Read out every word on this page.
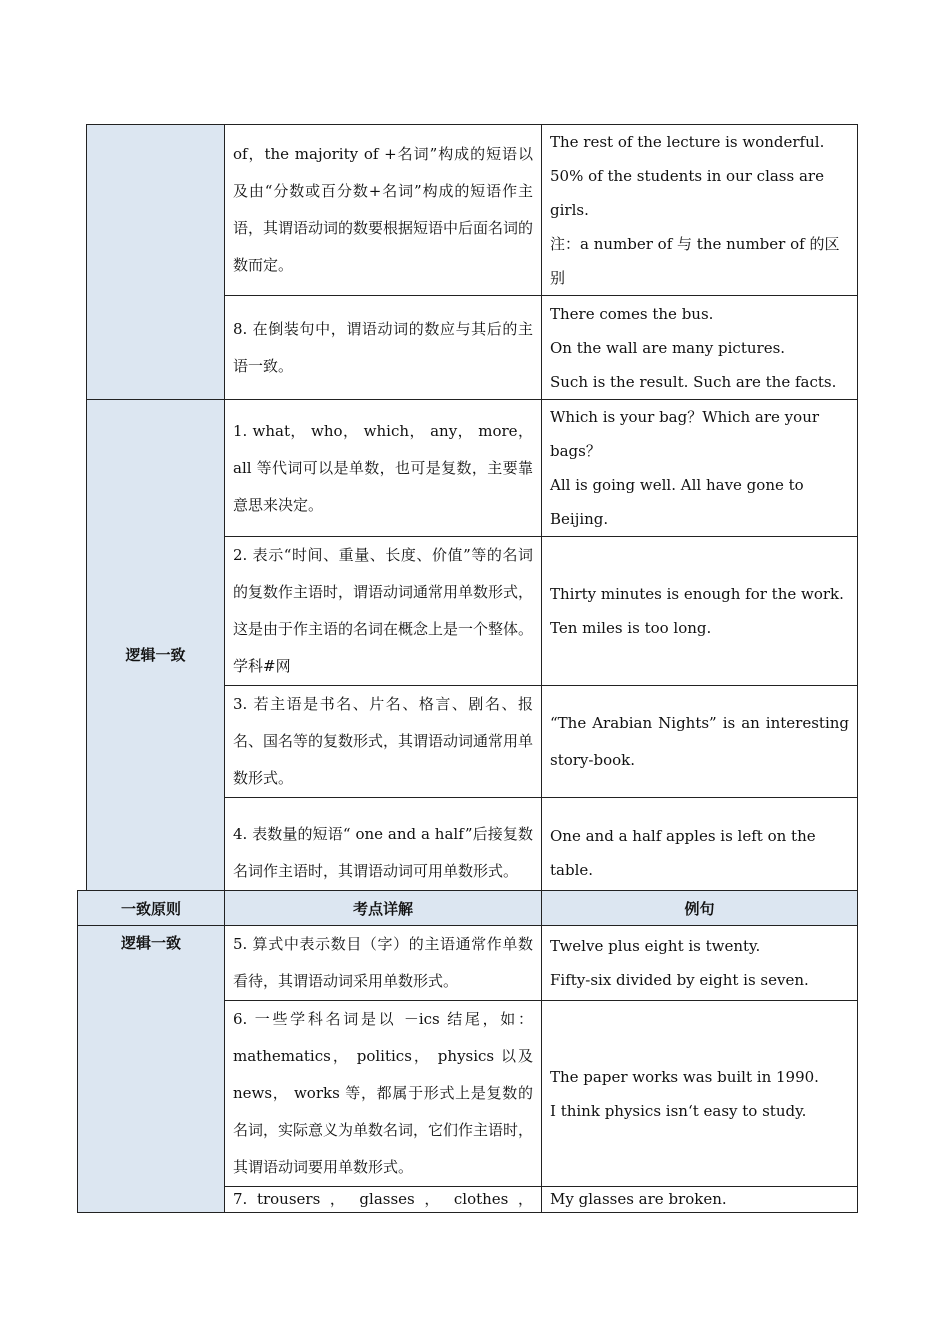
	of，the majority of +名词”构成的短语以及由“分数或百分数+名词”构成的短语作主语，其谓语动词的数要根据短语中后面名词的数而定。	The rest of the lecture is wonderful.
50% of the students in our class are girls.
注：a number of 与 the number of 的区别

	8. 在倒装句中，谓语动词的数应与其后的主语一致。	There comes the bus.
On the wall are many pictures.
Such is the result. Such are the facts.

逻辑一致	1. what， who， which， any， more， all 等代词可以是单数，也可是复数，主要靠意思来决定。	Which is your bag？Which are your bags？
All is going well. All have gone to Beijing.

	2. 表示“时间、重量、长度、价值”等的名词的复数作主语时，谓语动词通常用单数形式，这是由于作主语的名词在概念上是一个整体。学科#网	Thirty minutes is enough for the work.
Ten miles is too long.

	3. 若主语是书名、片名、格言、剧名、报名、国名等的复数形式，其谓语动词通常用单数形式。	“The Arabian Nights” is an interesting story-book.
	4. 表数量的短语“ one and a half”后接复数名词作主语时，其谓语动词可用单数形式。	One and a half apples is left on the table.
一致原则	考点详解	例句
逻辑一致	5. 算式中表示数目（字）的主语通常作单数看待，其谓语动词采用单数形式。	Twelve plus eight is twenty.
Fifty-six divided by eight is seven.

	6. 一些学科名词是以 －ics 结尾，如：mathematics， politics， physics 以及 news， works 等，都属于形式上是复数的名词，实际意义为单数名词，它们作主语时，其谓语动词要用单数形式。	The paper works was built in 1990.
I think physics isn‘t easy to study.

	7. trousers ， glasses ， clothes ，	My glasses are broken.
